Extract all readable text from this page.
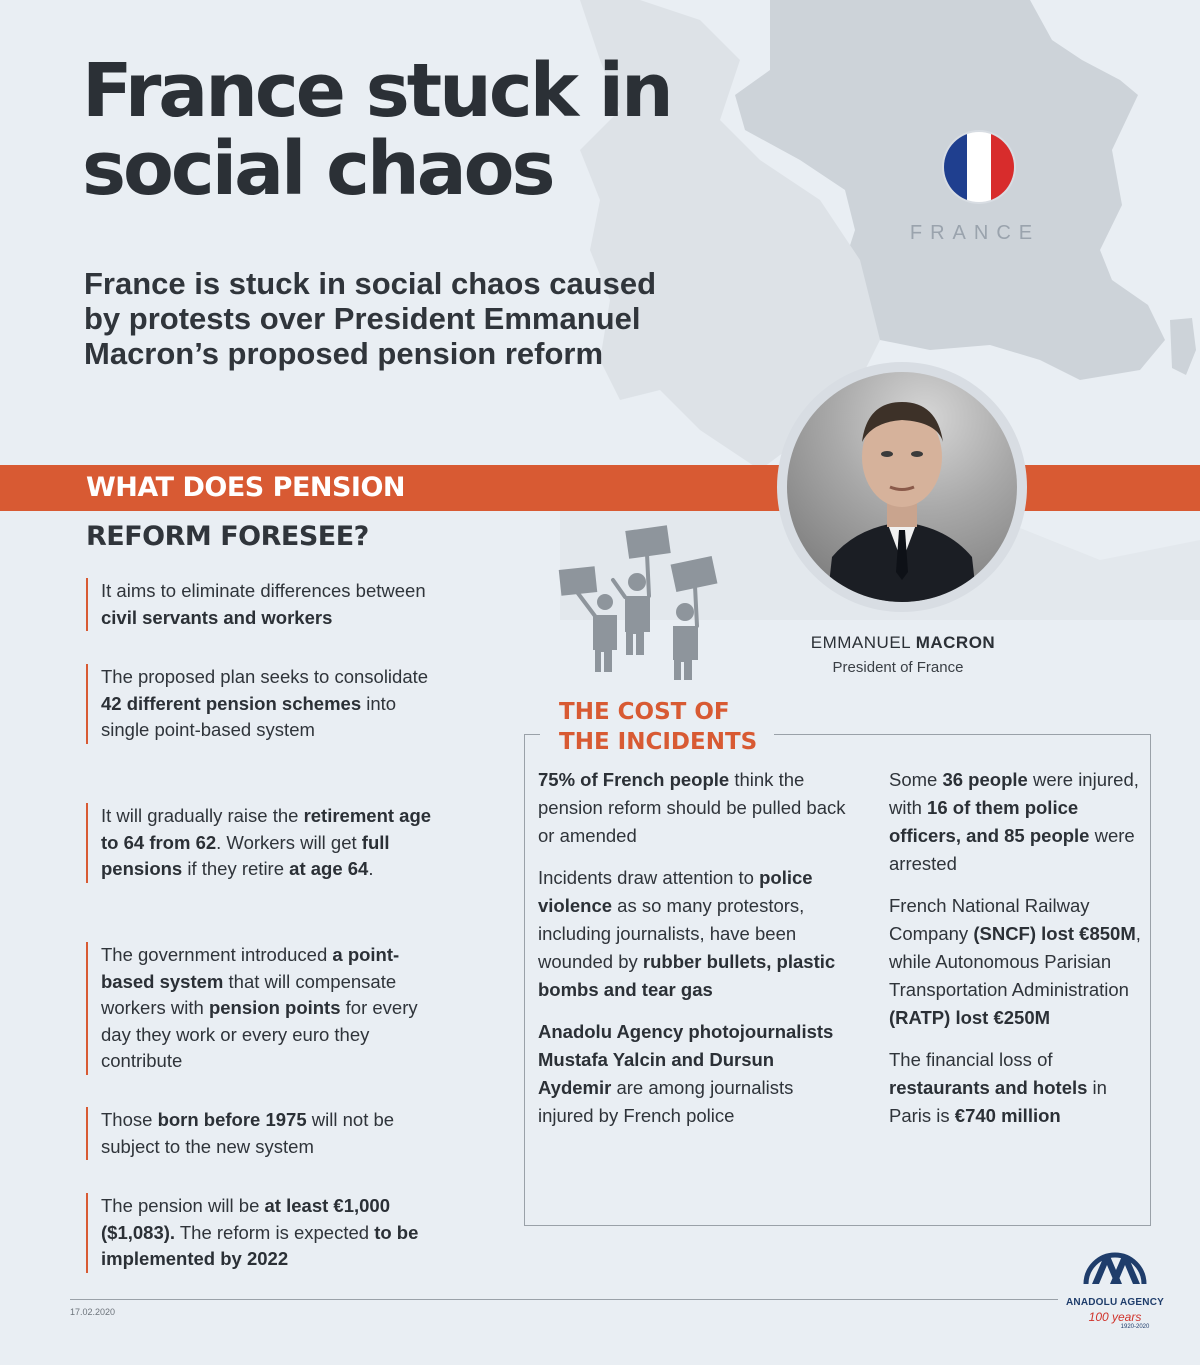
France stuck in social chaos

France is stuck in social chaos caused by protests over President Emmanuel Macron’s proposed pension reform

FRANCE
WHAT DOES PENSION
REFORM FORESEE?
EMMANUEL MACRON
President of France
It aims to eliminate differences between civil servants and workers
The proposed plan seeks to consolidate 42 different pension schemes into single point-based system
It will gradually raise the retirement age to 64 from 62. Workers will get full pensions if they retire at age 64.
The government introduced a point-based system that will compensate workers with pension points for every day they work or every euro they contribute
Those born before 1975 will not be subject to the new system
The pension will be at least €1,000 ($1,083). The reform is expected to be implemented by 2022
THE COST OF
THE INCIDENTS

75% of French people think the pension reform should be pulled back or amended

Incidents draw attention to police violence as so many protestors, including journalists, have been wounded by rubber bullets, plastic bombs and tear gas

Anadolu Agency photojournalists Mustafa Yalcin and Dursun Aydemir are among journalists injured by French police

Some 36 people were injured, with 16 of them police officers, and 85 people were arrested

French National Railway Company (SNCF) lost €850M, while Autonomous Parisian Transportation Administration (RATP) lost €250M

The financial loss of restaurants and hotels in Paris is €740 million

17.02.2020
ANADOLU AGENCY
100 years
1920-2020
